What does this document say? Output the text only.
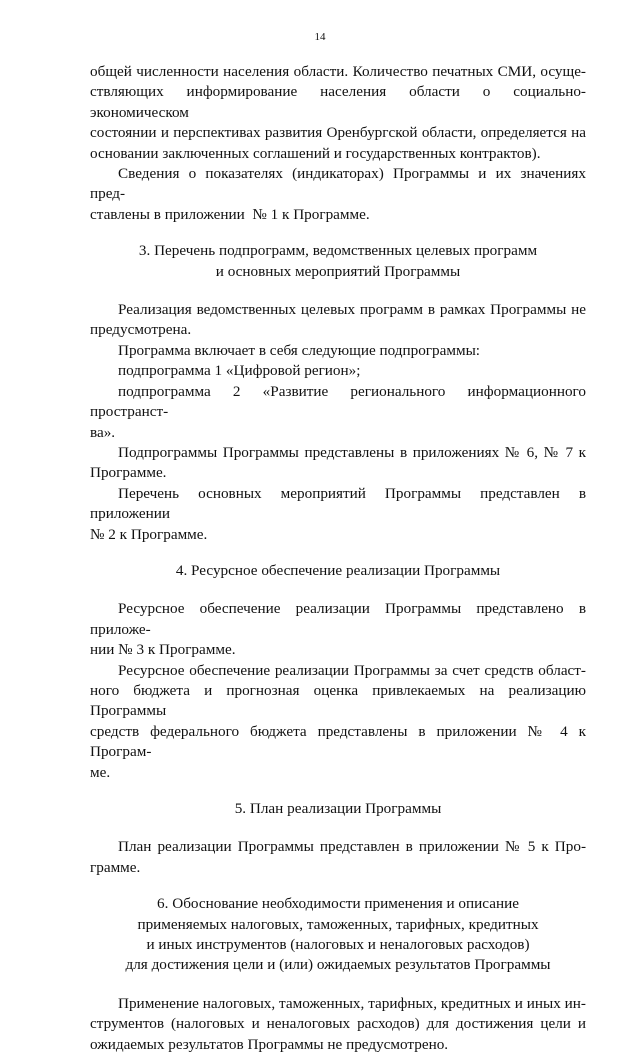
14

общей численности населения области. Количество печатных СМИ, осуще-

ствляющих информирование населения области о социально-экономическом

состоянии и перспективах развития Оренбургской области, определяется на

основании заключенных соглашений и государственных контрактов).

Сведения о показателях (индикаторах) Программы и их значениях пред-

ставлены в приложении  № 1 к Программе.

3. Перечень подпрограмм, ведомственных целевых программ

и основных мероприятий Программы

Реализация ведомственных целевых программ в рамках Программы не

предусмотрена.

Программа включает в себя следующие подпрограммы:

подпрограмма 1 «Цифровой регион»;

подпрограмма 2 «Развитие регионального информационного пространст-

ва».

Подпрограммы Программы представлены в приложениях № 6, № 7 к

Программе.

Перечень основных мероприятий Программы представлен в приложении

№ 2 к Программе.

4. Ресурсное обеспечение реализации Программы

Ресурсное обеспечение реализации Программы представлено в приложе-

нии № 3 к Программе.

Ресурсное обеспечение реализации Программы за счет средств област-

ного бюджета и прогнозная оценка привлекаемых на реализацию Программы

средств федерального бюджета представлены в приложении № 4 к Програм-

ме.

5. План реализации Программы

План реализации Программы представлен в приложении № 5 к Про-

грамме.

6. Обоснование необходимости применения и описание

применяемых налоговых, таможенных, тарифных, кредитных

и иных инструментов (налоговых и неналоговых расходов)

для достижения цели и (или) ожидаемых результатов Программы

Применение налоговых, таможенных, тарифных, кредитных и иных ин-

струментов (налоговых и неналоговых расходов) для достижения цели и

ожидаемых результатов Программы не предусмотрено.
